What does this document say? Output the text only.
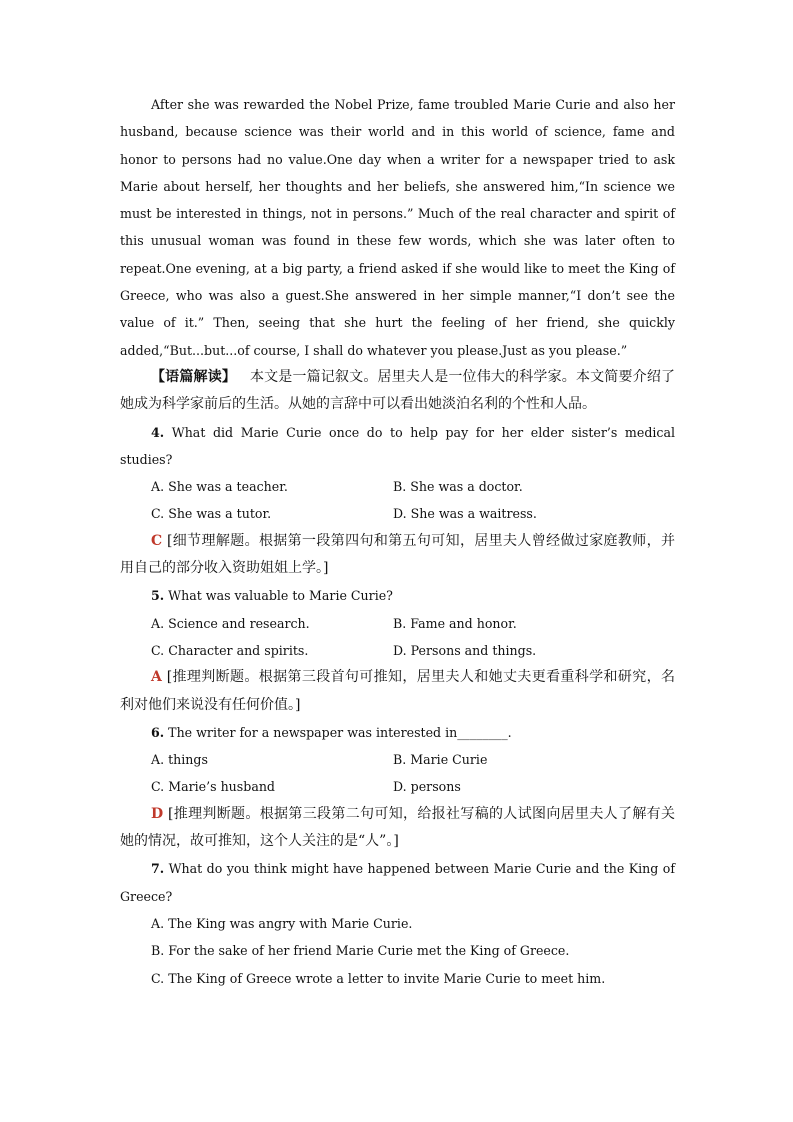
After she was rewarded the Nobel Prize, fame troubled Marie Curie and also her husband, because science was their world and in this world of science, fame and honor to persons had no value.One day when a writer for a newspaper tried to ask Marie about herself, her thoughts and her beliefs, she answered him,“In science we must be interested in things, not in persons.” Much of the real character and spirit of this unusual woman was found in these few words, which she was later often to repeat.One evening, at a big party, a friend asked if she would like to meet the King of Greece, who was also a guest.She answered in her simple manner,“I don’t see the value of it.” Then, seeing that she hurt the feeling of her friend, she quickly added,“But...but...of course, I shall do whatever you please.Just as you please.”

【语篇解读】 本文是一篇记叙文。居里夫人是一位伟大的科学家。本文简要介绍了她成为科学家前后的生活。从她的言辞中可以看出她淡泊名利的个性和人品。

4. What did Marie Curie once do to help pay for her elder sister’s medical studies?

A. She was a teacher.	B. She was a doctor.
C. She was a tutor.	D. She was a waitress.

C [细节理解题。根据第一段第四句和第五句可知，居里夫人曾经做过家庭教师，并用自己的部分收入资助姐姐上学。]

5. What was valuable to Marie Curie?

A. Science and research.	B. Fame and honor.
C. Character and spirits.	D. Persons and things.

A [推理判断题。根据第三段首句可推知，居里夫人和她丈夫更看重科学和研究，名利对他们来说没有任何价值。]

6. The writer for a newspaper was interested in________.

A. things	B. Marie Curie
C. Marie’s husband	D. persons

D [推理判断题。根据第三段第二句可知，给报社写稿的人试图向居里夫人了解有关她的情况，故可推知，这个人关注的是“人”。]

7. What do you think might have happened between Marie Curie and the King of Greece?

A. The King was angry with Marie Curie.
B. For the sake of her friend Marie Curie met the King of Greece.
C. The King of Greece wrote a letter to invite Marie Curie to meet him.
